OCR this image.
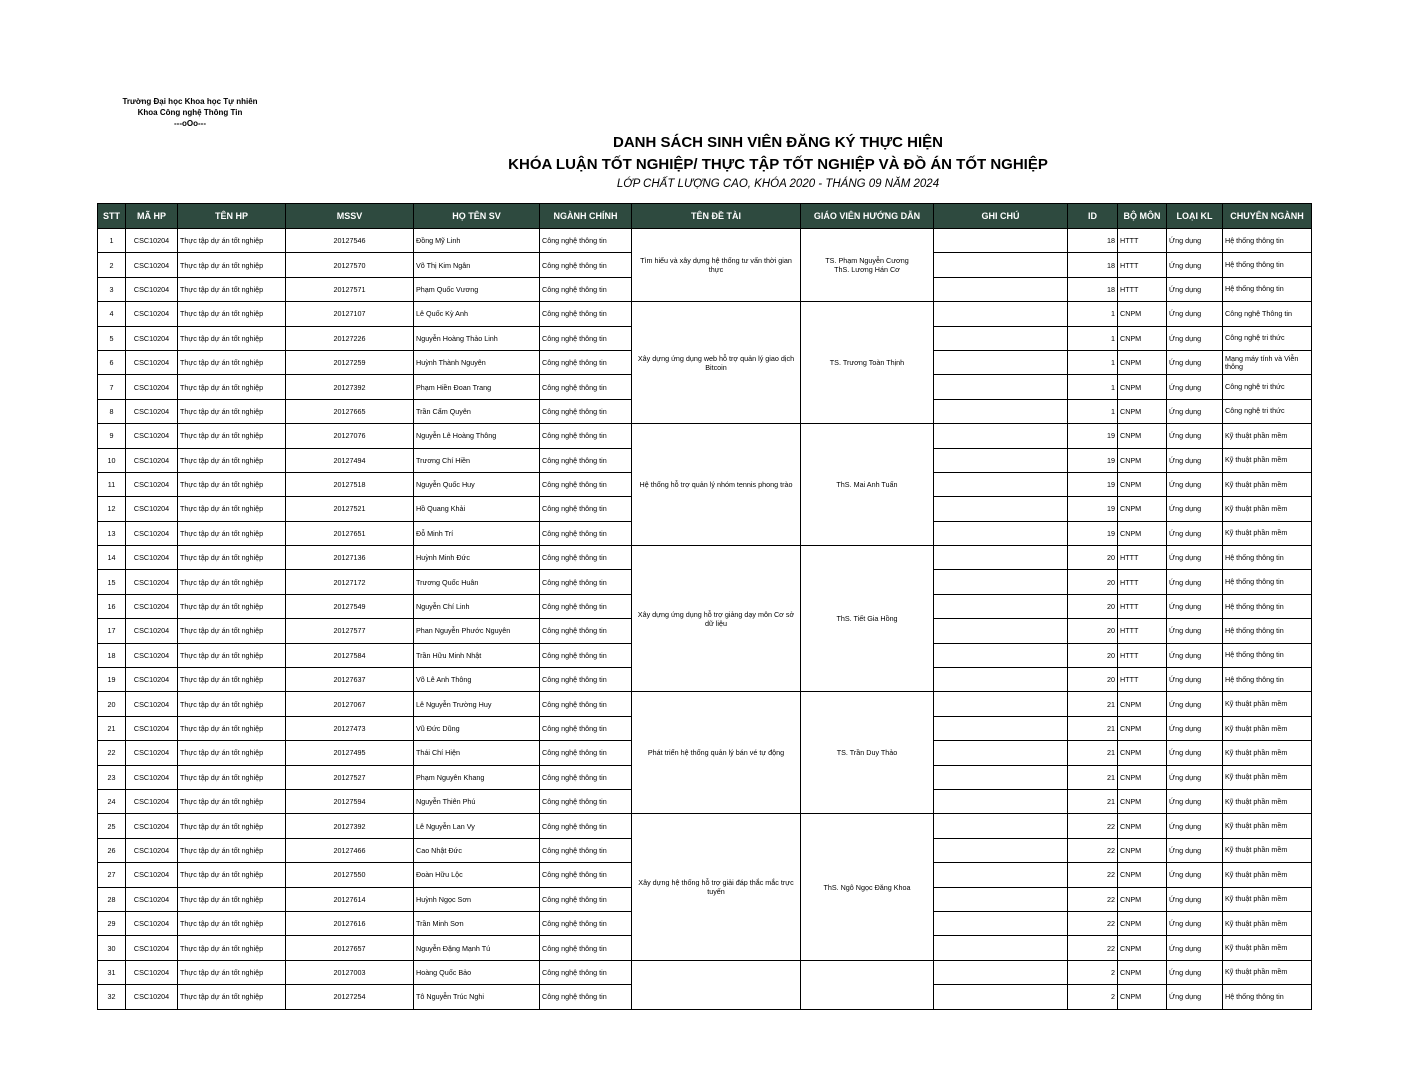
Trường Đại học Khoa học Tự nhiên
Khoa Công nghệ Thông Tin
---oOo---
DANH SÁCH SINH VIÊN ĐĂNG KÝ THỰC HIỆN
KHÓA LUẬN TỐT NGHIỆP/ THỰC TẬP TỐT NGHIỆP VÀ ĐỒ ÁN TỐT NGHIỆP
LỚP CHẤT LƯỢNG CAO, KHÓA 2020 - THÁNG 09 NĂM 2024
STT	MÃ HP	TÊN HP	MSSV	HỌ TÊN SV	NGÀNH CHÍNH	TÊN ĐỀ TÀI	GIÁO VIÊN HƯỚNG DẪN	GHI CHÚ	ID	BỘ MÔN	LOẠI KL	CHUYÊN NGÀNH
1	CSC10204	Thực tập dự án tốt nghiệp	20127546	Đồng Mỹ Linh	Công nghệ thông tin	Tìm hiểu và xây dựng hệ thống tư vấn thời gian thực	TS. Phạm Nguyễn Cương
ThS. Lương Hán Cơ		18	HTTT	Ứng dụng	Hệ thống thông tin
2	CSC10204	Thực tập dự án tốt nghiệp	20127570	Võ Thị Kim Ngân	Công nghệ thông tin				18	HTTT	Ứng dụng	Hệ thống thông tin
3	CSC10204	Thực tập dự án tốt nghiệp	20127571	Phạm Quốc Vương	Công nghệ thông tin				18	HTTT	Ứng dụng	Hệ thống thông tin
4	CSC10204	Thực tập dự án tốt nghiệp	20127107	Lê Quốc Kỳ Anh	Công nghệ thông tin	Xây dựng ứng dụng web hỗ trợ quản lý giao dịch Bitcoin	TS. Trương Toàn Thịnh		1	CNPM	Ứng dụng	Công nghệ Thông tin
5	CSC10204	Thực tập dự án tốt nghiệp	20127226	Nguyễn Hoàng Thảo Linh	Công nghệ thông tin				1	CNPM	Ứng dụng	Công nghệ tri thức
6	CSC10204	Thực tập dự án tốt nghiệp	20127259	Huỳnh Thành Nguyên	Công nghệ thông tin				1	CNPM	Ứng dụng	Mạng máy tính và Viễn thông
7	CSC10204	Thực tập dự án tốt nghiệp	20127392	Phạm Hiền Đoan Trang	Công nghệ thông tin				1	CNPM	Ứng dụng	Công nghệ tri thức
8	CSC10204	Thực tập dự án tốt nghiệp	20127665	Trần Cẩm Quyên	Công nghệ thông tin				1	CNPM	Ứng dụng	Công nghệ tri thức
9	CSC10204	Thực tập dự án tốt nghiệp	20127076	Nguyễn Lê Hoàng Thông	Công nghệ thông tin	Hệ thống hỗ trợ quản lý nhóm tennis phong trào	ThS. Mai Anh Tuấn		19	CNPM	Ứng dụng	Kỹ thuật phần mềm
10	CSC10204	Thực tập dự án tốt nghiệp	20127494	Trương Chí Hiền	Công nghệ thông tin				19	CNPM	Ứng dụng	Kỹ thuật phần mềm
11	CSC10204	Thực tập dự án tốt nghiệp	20127518	Nguyễn Quốc Huy	Công nghệ thông tin				19	CNPM	Ứng dụng	Kỹ thuật phần mềm
12	CSC10204	Thực tập dự án tốt nghiệp	20127521	Hồ Quang Khải	Công nghệ thông tin				19	CNPM	Ứng dụng	Kỹ thuật phần mềm
13	CSC10204	Thực tập dự án tốt nghiệp	20127651	Đỗ Minh Trí	Công nghệ thông tin				19	CNPM	Ứng dụng	Kỹ thuật phần mềm
14	CSC10204	Thực tập dự án tốt nghiệp	20127136	Huỳnh Minh Đức	Công nghệ thông tin	Xây dựng ứng dụng hỗ trợ giảng dạy môn Cơ sở dữ liệu	ThS. Tiết Gia Hồng		20	HTTT	Ứng dụng	Hệ thống thông tin
15	CSC10204	Thực tập dự án tốt nghiệp	20127172	Trương Quốc Huân	Công nghệ thông tin				20	HTTT	Ứng dụng	Hệ thống thông tin
16	CSC10204	Thực tập dự án tốt nghiệp	20127549	Nguyễn Chí Linh	Công nghệ thông tin				20	HTTT	Ứng dụng	Hệ thống thông tin
17	CSC10204	Thực tập dự án tốt nghiệp	20127577	Phan Nguyễn Phước Nguyên	Công nghệ thông tin				20	HTTT	Ứng dụng	Hệ thống thông tin
18	CSC10204	Thực tập dự án tốt nghiệp	20127584	Trần Hữu Minh Nhật	Công nghệ thông tin				20	HTTT	Ứng dụng	Hệ thống thông tin
19	CSC10204	Thực tập dự án tốt nghiệp	20127637	Võ Lê Anh Thông	Công nghệ thông tin				20	HTTT	Ứng dụng	Hệ thống thông tin
20	CSC10204	Thực tập dự án tốt nghiệp	20127067	Lê Nguyễn Trường Huy	Công nghệ thông tin	Phát triển hệ thống quản lý bán vé tự động	TS. Trần Duy Thảo		21	CNPM	Ứng dụng	Kỹ thuật phần mềm
21	CSC10204	Thực tập dự án tốt nghiệp	20127473	Vũ Đức Dũng	Công nghệ thông tin				21	CNPM	Ứng dụng	Kỹ thuật phần mềm
22	CSC10204	Thực tập dự án tốt nghiệp	20127495	Thái Chí Hiện	Công nghệ thông tin				21	CNPM	Ứng dụng	Kỹ thuật phần mềm
23	CSC10204	Thực tập dự án tốt nghiệp	20127527	Phạm Nguyên Khang	Công nghệ thông tin				21	CNPM	Ứng dụng	Kỹ thuật phần mềm
24	CSC10204	Thực tập dự án tốt nghiệp	20127594	Nguyễn Thiên Phú	Công nghệ thông tin				21	CNPM	Ứng dụng	Kỹ thuật phần mềm
25	CSC10204	Thực tập dự án tốt nghiệp	20127392	Lê Nguyễn Lan Vy	Công nghệ thông tin	Xây dựng hệ thống hỗ trợ giải đáp thắc mắc trực tuyến	ThS. Ngô Ngọc Đăng Khoa		22	CNPM	Ứng dụng	Kỹ thuật phần mềm
26	CSC10204	Thực tập dự án tốt nghiệp	20127466	Cao Nhật Đức	Công nghệ thông tin				22	CNPM	Ứng dụng	Kỹ thuật phần mềm
27	CSC10204	Thực tập dự án tốt nghiệp	20127550	Đoàn Hữu Lộc	Công nghệ thông tin				22	CNPM	Ứng dụng	Kỹ thuật phần mềm
28	CSC10204	Thực tập dự án tốt nghiệp	20127614	Huỳnh Ngọc Sơn	Công nghệ thông tin				22	CNPM	Ứng dụng	Kỹ thuật phần mềm
29	CSC10204	Thực tập dự án tốt nghiệp	20127616	Trần Minh Sơn	Công nghệ thông tin				22	CNPM	Ứng dụng	Kỹ thuật phần mềm
30	CSC10204	Thực tập dự án tốt nghiệp	20127657	Nguyễn Đặng Mạnh Tú	Công nghệ thông tin				22	CNPM	Ứng dụng	Kỹ thuật phần mềm
31	CSC10204	Thực tập dự án tốt nghiệp	20127003	Hoàng Quốc Bảo	Công nghệ thông tin				2	CNPM	Ứng dụng	Kỹ thuật phần mềm
32	CSC10204	Thực tập dự án tốt nghiệp	20127254	Tô Nguyễn Trúc Nghi	Công nghệ thông tin				2	CNPM	Ứng dụng	Hệ thống thông tin
